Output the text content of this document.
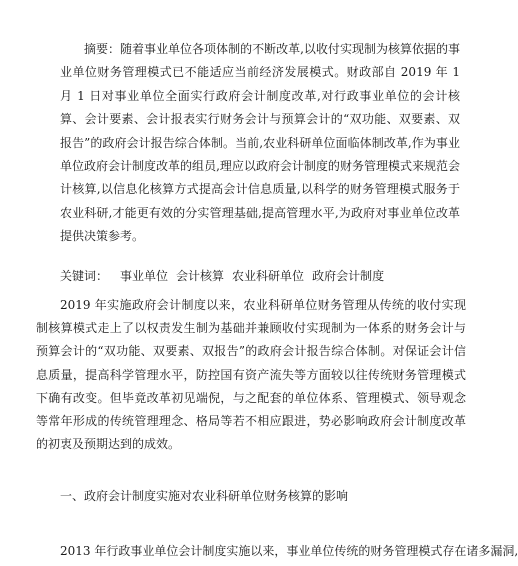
摘要：随着事业单位各项体制的不断改革,以收付实现制为核算依据的事业单位财务管理模式已不能适应当前经济发展模式。财政部自 2019 年 1 月 1 日对事业单位全面实行政府会计制度改革,对行政事业单位的会计核算、会计要素、会计报表实行财务会计与预算会计的“双功能、双要素、双报告”的政府会计报告综合体制。当前,农业科研单位面临体制改革,作为事业单位政府会计制度改革的组员,理应以政府会计制度的财务管理模式来规范会计核算,以信息化核算方式提高会计信息质量,以科学的财务管理模式服务于农业科研,才能更有效的分实管理基础,提高管理水平,为政府对事业单位改革提供决策参考。

关键词： 事业单位 会计核算 农业科研单位 政府会计制度

2019 年实施政府会计制度以来，农业科研单位财务管理从传统的收付实现制核算模式走上了以权责发生制为基础并兼顾收付实现制为一体系的财务会计与预算会计的“双功能、双要素、双报告”的政府会计报告综合体制。对保证会计信息质量，提高科学管理水平，防控国有资产流失等方面较以往传统财务管理模式下确有改变。但毕竟改革初见端倪，与之配套的单位体系、管理模式、领导观念等常年形成的传统管理理念、格局等若不相应跟进，势必影响政府会计制度改革的初衷及预期达到的成效。

一、政府会计制度实施对农业科研单位财务核算的影响

2013 年行政事业单位会计制度实施以来，事业单位传统的财务管理模式存在诸多漏洞,
